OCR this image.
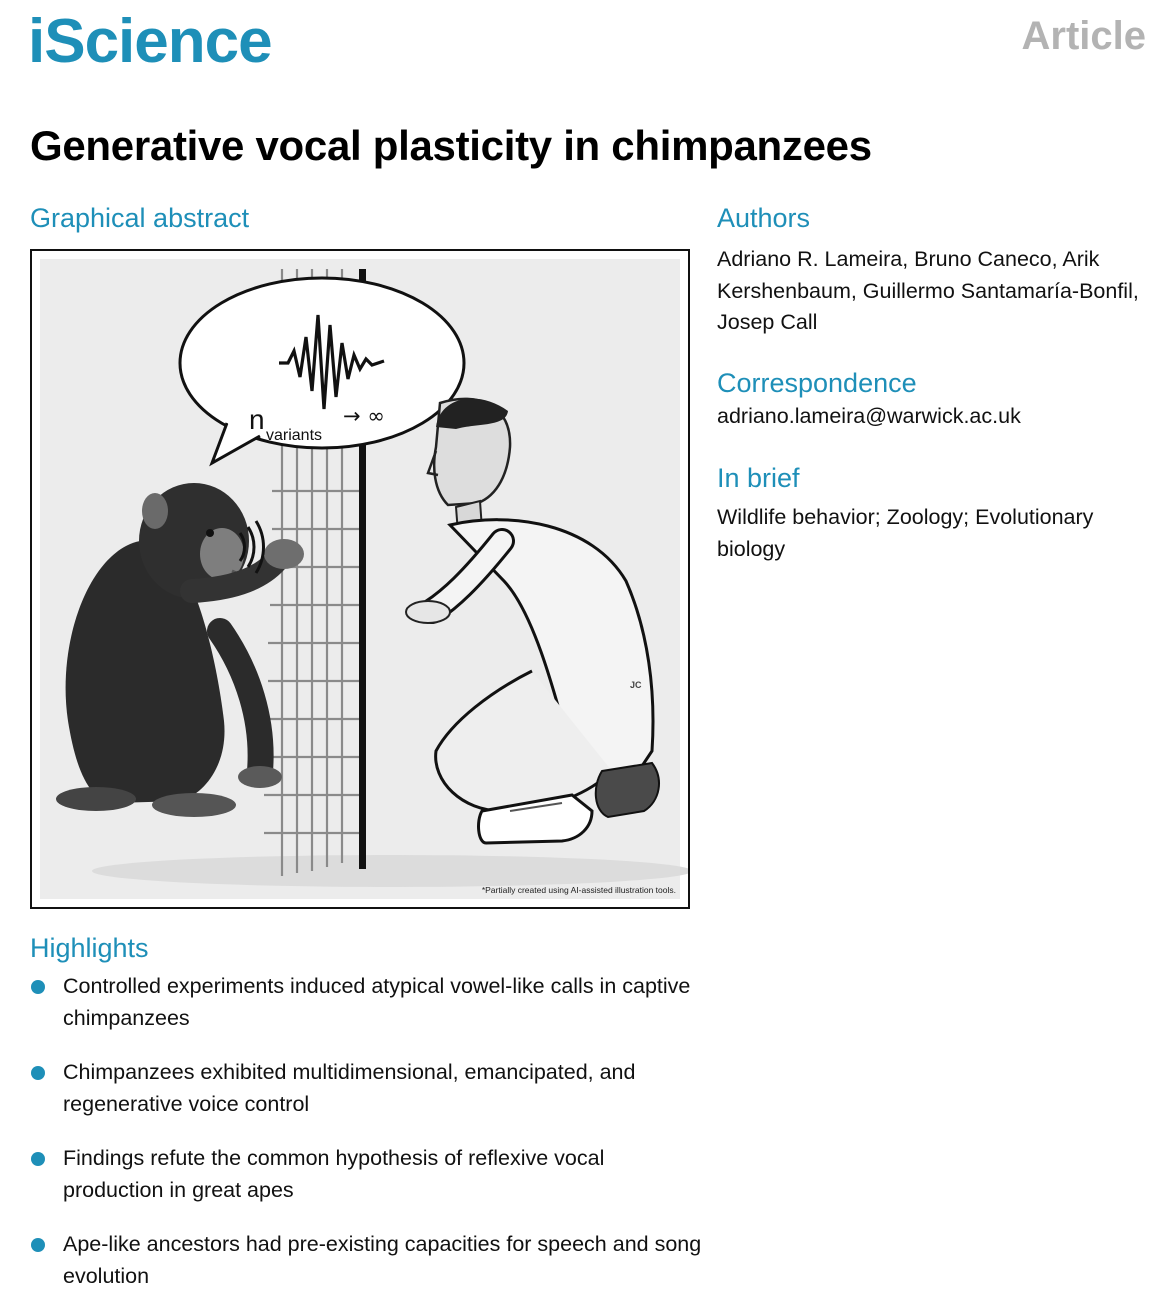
iScience	Article
Generative vocal plasticity in chimpanzees
Graphical abstract
n
variants
→ ∞
JC
*Partially created using AI-assisted illustration tools.
Authors
Adriano R. Lameira, Bruno Caneco, Arik Kershenbaum, Guillermo Santamaría-Bonfil, Josep Call
Correspondence
adriano.lameira@warwick.ac.uk
In brief
Wildlife behavior; Zoology; Evolutionary biology
Highlights
Controlled experiments induced atypical vowel-like calls in captive chimpanzees
Chimpanzees exhibited multidimensional, emancipated, and regenerative voice control
Findings refute the common hypothesis of reflexive vocal production in great apes
Ape-like ancestors had pre-existing capacities for speech and song evolution
